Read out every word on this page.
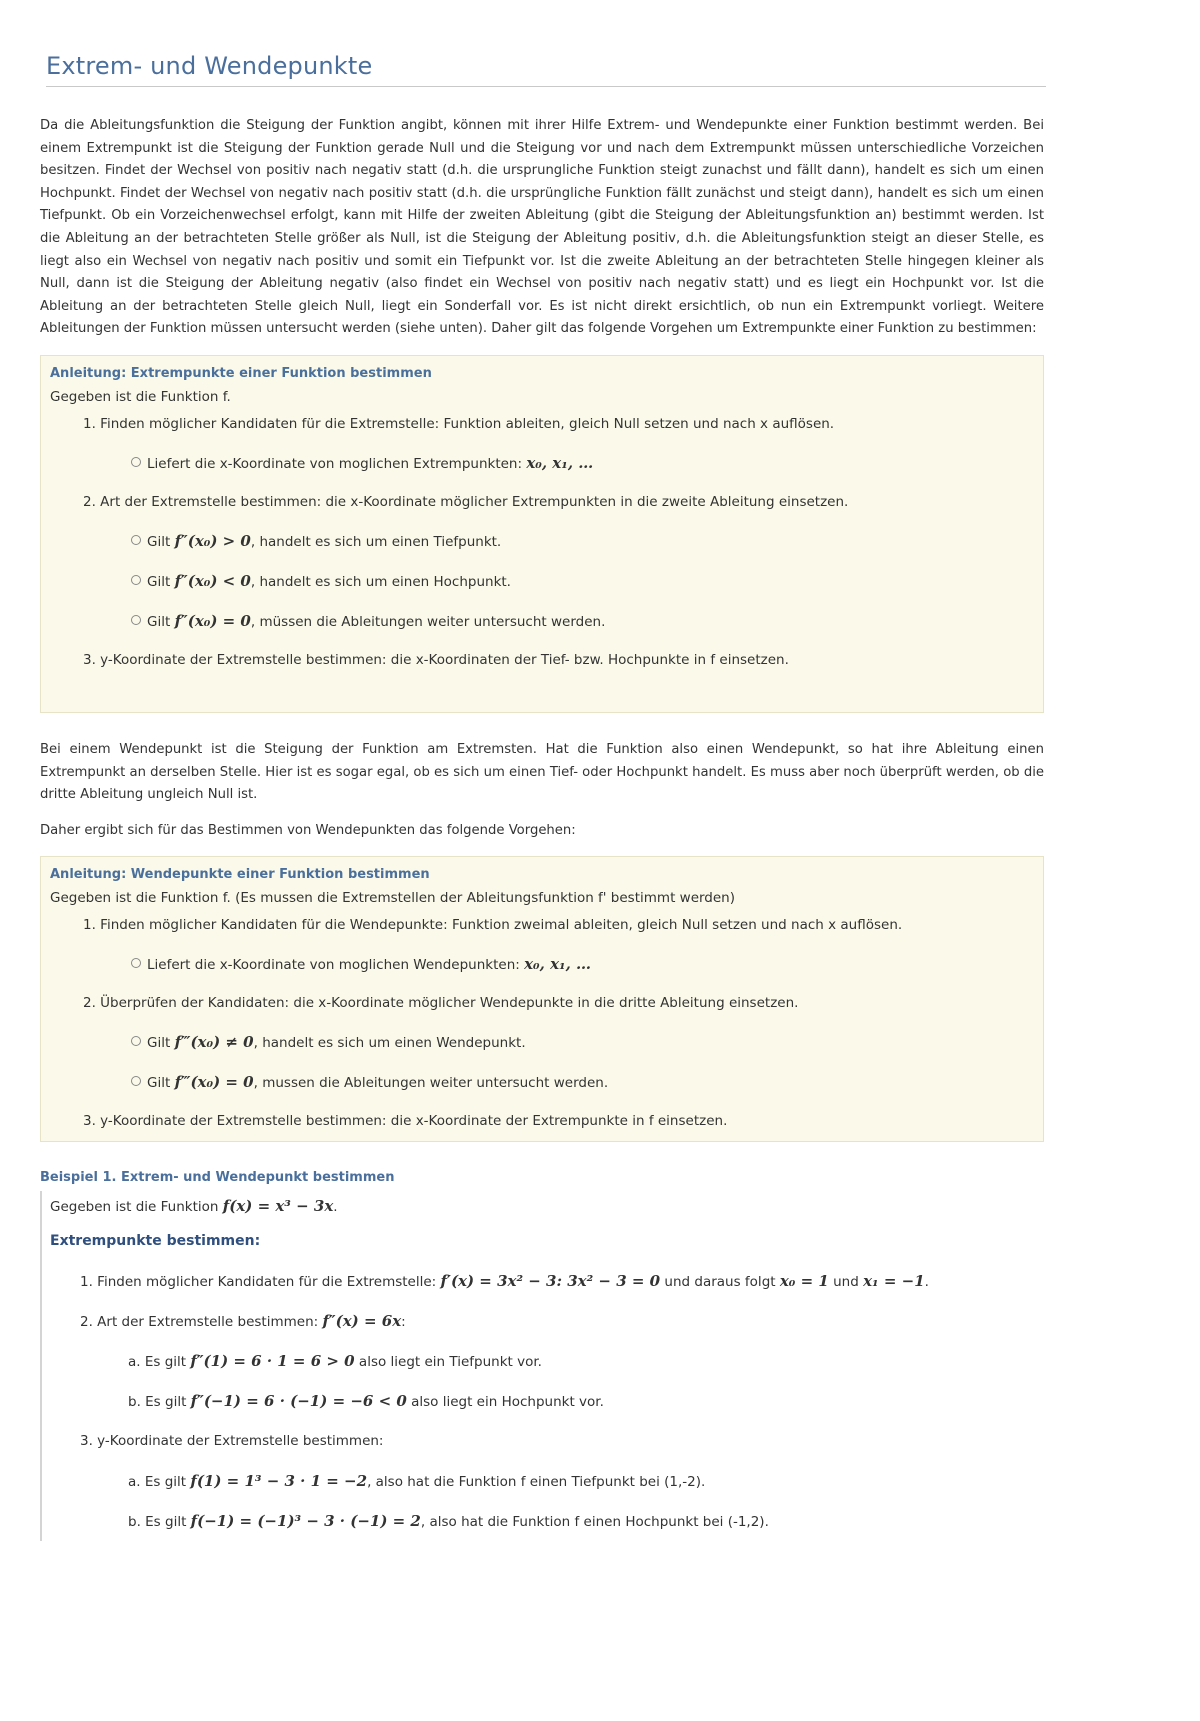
Extrem- und Wendepunkte

Da die Ableitungsfunktion die Steigung der Funktion angibt, können mit ihrer Hilfe Extrem- und Wendepunkte einer Funktion bestimmt werden. Bei einem Extrempunkt ist die Steigung der Funktion gerade Null und die Steigung vor und nach dem Extrempunkt müssen unterschiedliche Vorzeichen besitzen. Findet der Wechsel von positiv nach negativ statt (d.h. die ursprungliche Funktion steigt zunachst und fällt dann), handelt es sich um einen Hochpunkt. Findet der Wechsel von negativ nach positiv statt (d.h. die ursprüngliche Funktion fällt zunächst und steigt dann), handelt es sich um einen Tiefpunkt. Ob ein Vorzeichenwechsel erfolgt, kann mit Hilfe der zweiten Ableitung (gibt die Steigung der Ableitungsfunktion an) bestimmt werden. Ist die Ableitung an der betrachteten Stelle größer als Null, ist die Steigung der Ableitung positiv, d.h. die Ableitungsfunktion steigt an dieser Stelle, es liegt also ein Wechsel von negativ nach positiv und somit ein Tiefpunkt vor. Ist die zweite Ableitung an der betrachteten Stelle hingegen kleiner als Null, dann ist die Steigung der Ableitung negativ (also findet ein Wechsel von positiv nach negativ statt) und es liegt ein Hochpunkt vor. Ist die Ableitung an der betrachteten Stelle gleich Null, liegt ein Sonderfall vor. Es ist nicht direkt ersichtlich, ob nun ein Extrempunkt vorliegt. Weitere Ableitungen der Funktion müssen untersucht werden (siehe unten). Daher gilt das folgende Vorgehen um Extrempunkte einer Funktion zu bestimmen:

Anleitung: Extrempunkte einer Funktion bestimmen
Gegeben ist die Funktion f.
1. Finden möglicher Kandidaten für die Extremstelle: Funktion ableiten, gleich Null setzen und nach x auflösen.
Liefert die x-Koordinate von moglichen Extrempunkten: x₀, x₁, …
2. Art der Extremstelle bestimmen: die x-Koordinate möglicher Extrempunkten in die zweite Ableitung einsetzen.
Gilt f″(x₀) > 0, handelt es sich um einen Tiefpunkt.
Gilt f″(x₀) < 0, handelt es sich um einen Hochpunkt.
Gilt f″(x₀) = 0, müssen die Ableitungen weiter untersucht werden.
3. y-Koordinate der Extremstelle bestimmen: die x-Koordinaten der Tief- bzw. Hochpunkte in f einsetzen.

Bei einem Wendepunkt ist die Steigung der Funktion am Extremsten. Hat die Funktion also einen Wendepunkt, so hat ihre Ableitung einen Extrempunkt an derselben Stelle. Hier ist es sogar egal, ob es sich um einen Tief- oder Hochpunkt handelt. Es muss aber noch überprüft werden, ob die dritte Ableitung ungleich Null ist.

Daher ergibt sich für das Bestimmen von Wendepunkten das folgende Vorgehen:

Anleitung: Wendepunkte einer Funktion bestimmen
Gegeben ist die Funktion f. (Es mussen die Extremstellen der Ableitungsfunktion f' bestimmt werden)
1. Finden möglicher Kandidaten für die Wendepunkte: Funktion zweimal ableiten, gleich Null setzen und nach x auflösen.
Liefert die x-Koordinate von moglichen Wendepunkten: x₀, x₁, …
2. Überprüfen der Kandidaten: die x-Koordinate möglicher Wendepunkte in die dritte Ableitung einsetzen.
Gilt f‴(x₀) ≠ 0, handelt es sich um einen Wendepunkt.
Gilt f‴(x₀) = 0, mussen die Ableitungen weiter untersucht werden.
3. y-Koordinate der Extremstelle bestimmen: die x-Koordinate der Extrempunkte in f einsetzen.
Beispiel 1. Extrem- und Wendepunkt bestimmen
Gegeben ist die Funktion f(x) = x³ − 3x.
Extrempunkte bestimmen:
1. Finden möglicher Kandidaten für die Extremstelle: f′(x) = 3x² − 3: 3x² − 3 = 0 und daraus folgt x₀ = 1 und x₁ = −1.
2. Art der Extremstelle bestimmen: f″(x) = 6x:
a. Es gilt f″(1) = 6 · 1 = 6 > 0 also liegt ein Tiefpunkt vor.
b. Es gilt f″(−1) = 6 · (−1) = −6 < 0 also liegt ein Hochpunkt vor.
3. y-Koordinate der Extremstelle bestimmen:
a. Es gilt f(1) = 1³ − 3 · 1 = −2, also hat die Funktion f einen Tiefpunkt bei (1,-2).
b. Es gilt f(−1) = (−1)³ − 3 · (−1) = 2, also hat die Funktion f einen Hochpunkt bei (-1,2).
